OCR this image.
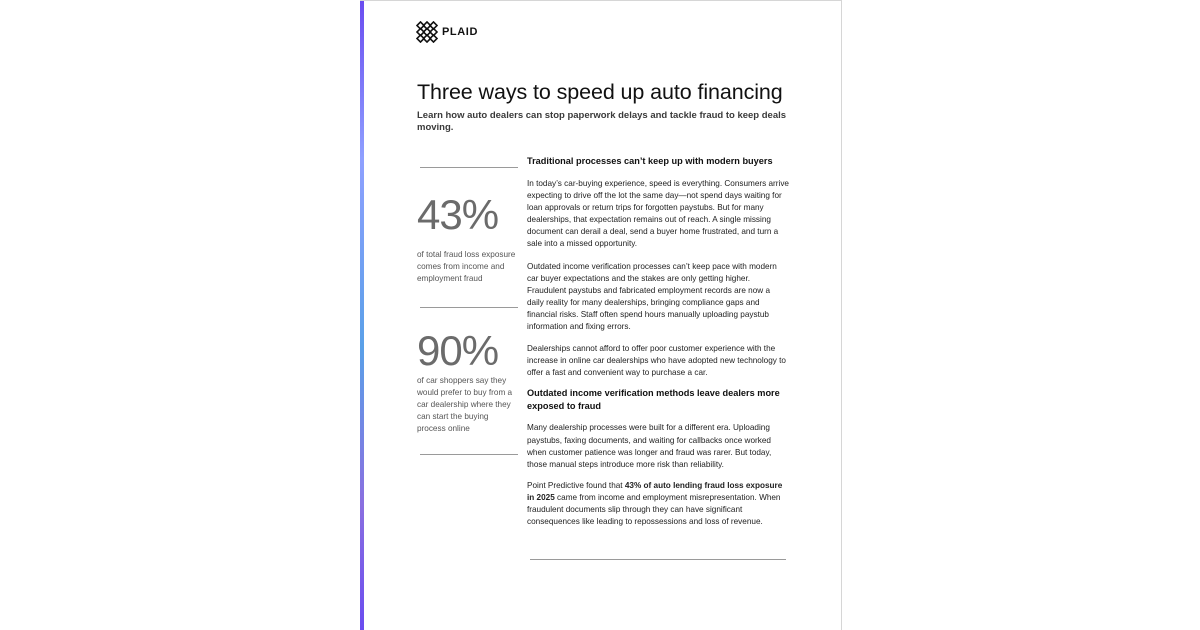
PLAID
Three ways to speed up auto financing

Learn how auto dealers can stop paperwork delays and tackle fraud to keep deals moving.

43%
of total fraud loss exposure comes from income and employment fraud
90%
of car shoppers say they would prefer to buy from a car dealership where they can start the buying process online
Traditional processes can’t keep up with modern buyers

In today’s car-buying experience, speed is everything. Consumers arrive expecting to drive off the lot the same day—not spend days waiting for loan approvals or return trips for forgotten paystubs. But for many dealerships, that expectation remains out of reach. A single missing document can derail a deal, send a buyer home frustrated, and turn a sale into a missed opportunity.

Outdated income verification processes can’t keep pace with modern car buyer expectations and the stakes are only getting higher. Fraudulent paystubs and fabricated employment records are now a daily reality for many dealerships, bringing compliance gaps and financial risks. Staff often spend hours manually uploading paystub information and fixing errors.

Dealerships cannot afford to offer poor customer experience with the increase in online car dealerships who have adopted new technology to offer a fast and convenient way to purchase a car.

Outdated income verification methods leave dealers more exposed to fraud

Many dealership processes were built for a different era. Uploading paystubs, faxing documents, and waiting for callbacks once worked when customer patience was longer and fraud was rarer. But today, those manual steps introduce more risk than reliability.

Point Predictive found that 43% of auto lending fraud loss exposure in 2025 came from income and employment misrepresentation. When fraudulent documents slip through they can have significant consequences like leading to repossessions and loss of revenue.
